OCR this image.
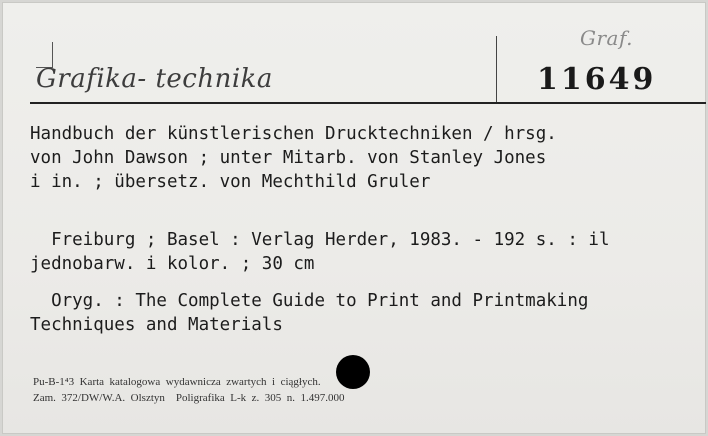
Grafika- technika
Graf.
11649
Handbuch der künstlerischen Drucktechniken / hrsg.
von John Dawson ; unter Mitarb. von Stanley Jones
i in. ; übersetz. von Mechthild Gruler
Freiburg ; Basel : Verlag Herder, 1983. - 192 s. : il
jednobarw. i kolor. ; 30 cm
Oryg. : The Complete Guide to Print and Printmaking
Techniques and Materials
Pu-B-1⁴3  Karta  katalogowa  wydawnicza  zwartych  i  ciągłych.
Zam.  372/DW/W.A.  Olsztyn    Poligrafika  L-k  z.  305  n.  1.497.000
